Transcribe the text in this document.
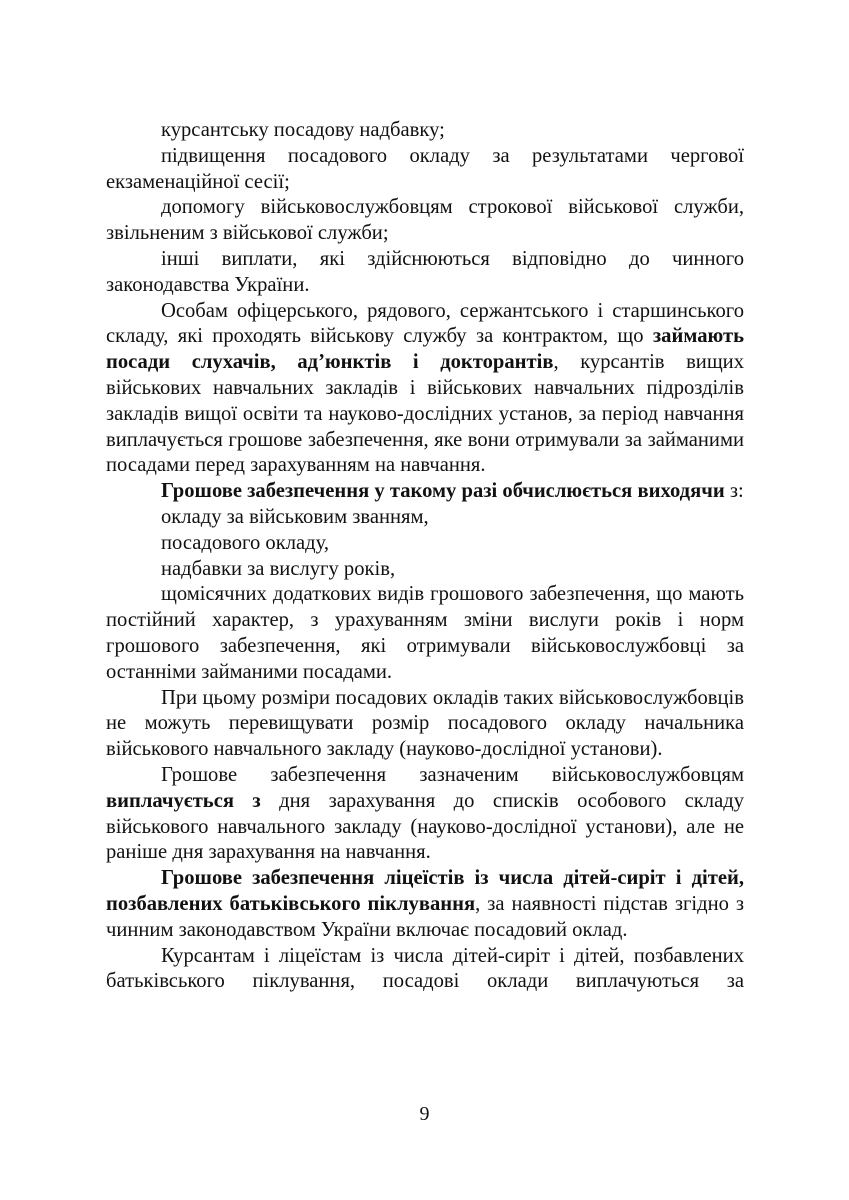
курсантську посадову надбавку;

підвищення посадового окладу за результатами чергової екзаменаційної сесії;

допомогу військовослужбовцям строкової військової служби, звільненим з військової служби;

інші виплати, які здійснюються відповідно до чинного законодавства України.

Особам офіцерського, рядового, сержантського і старшинського складу, які проходять військову службу за контрактом, що займають посади слухачів, ад’юнктів і докторантів, курсантів вищих військових навчальних закладів і військових навчальних підрозділів закладів вищої освіти та науково-дослідних установ, за період навчання виплачується грошове забезпечення, яке вони отримували за займаними посадами перед зарахуванням на навчання.

Грошове забезпечення у такому разі обчислюється виходячи з:

окладу за військовим званням,

посадового окладу,

надбавки за вислугу років,

щомісячних додаткових видів грошового забезпечення, що мають постійний характер, з урахуванням зміни вислуги років і норм грошового забезпечення, які отримували військовослужбовці за останніми займаними посадами.

При цьому розміри посадових окладів таких військовослужбовців не можуть перевищувати розмір посадового окладу начальника військового навчального закладу (науково-дослідної установи).

Грошове забезпечення зазначеним військовослужбовцям виплачується з дня зарахування до списків особового складу військового навчального закладу (науково-дослідної установи), але не раніше дня зарахування на навчання.

Грошове забезпечення ліцеїстів із числа дітей-сиріт і дітей, позбавлених батьківського піклування, за наявності підстав згідно з чинним законодавством України включає посадовий оклад.

Курсантам і ліцеїстам із числа дітей-сиріт і дітей, позбавлених батьківського піклування, посадові оклади виплачуються за

9
